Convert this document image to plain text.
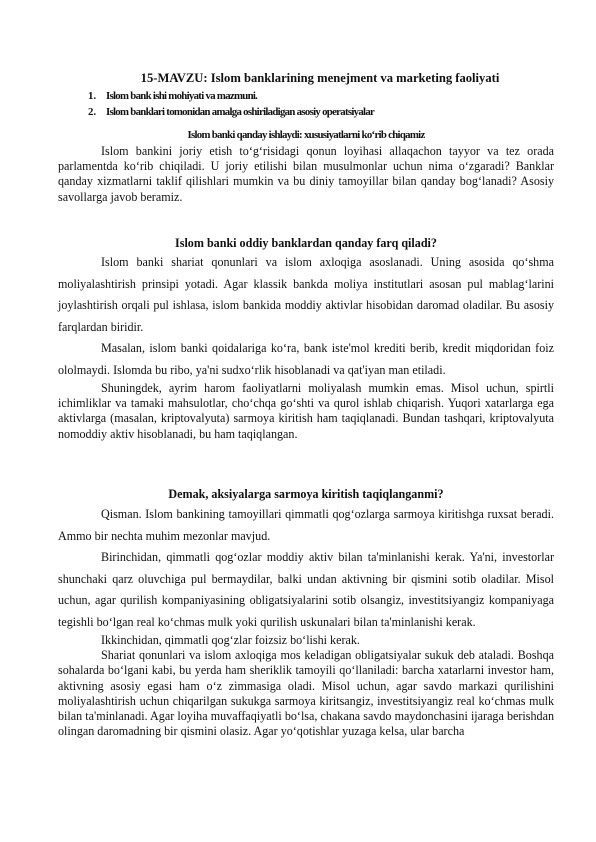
15-MAVZU: Islom banklarining menejment va marketing faoliyati
1. Islom bank ishi mohiyati va mazmuni.
2. Islom banklari tomonidan amalga oshiriladigan asosiy operatsiyalar
Islom banki qanday ishlaydi: xususiyatlarni ko‘rib chiqamiz

Islom bankini joriy etish to‘g‘risidagi qonun loyihasi allaqachon tayyor va tez orada parlamentda ko‘rib chiqiladi. U joriy etilishi bilan musulmonlar uchun nima o‘zgaradi? Banklar qanday xizmatlarni taklif qilishlari mumkin va bu diniy tamoyillar bilan qanday bog‘lanadi? Asosiy savollarga javob beramiz.

Islom banki oddiy banklardan qanday farq qiladi?

Islom banki shariat qonunlari va islom axloqiga asoslanadi. Uning asosida qo‘shma moliyalashtirish prinsipi yotadi. Agar klassik bankda moliya institutlari asosan pul mablag‘larini joylashtirish orqali pul ishlasa, islom bankida moddiy aktivlar hisobidan daromad oladilar. Bu asosiy farqlardan biridir.

Masalan, islom banki qoidalariga ko‘ra, bank iste'mol krediti berib, kredit miqdoridan foiz ololmaydi. Islomda bu ribo, ya'ni sudxo‘rlik hisoblanadi va qat'iyan man etiladi.

Shuningdek, ayrim harom faoliyatlarni moliyalash mumkin emas. Misol uchun, spirtli ichimliklar va tamaki mahsulotlar, cho‘chqa go‘shti va qurol ishlab chiqarish. Yuqori xatarlarga ega aktivlarga (masalan, kriptovalyuta) sarmoya kiritish ham taqiqlanadi. Bundan tashqari, kriptovalyuta nomoddiy aktiv hisoblanadi, bu ham taqiqlangan.

Demak, aksiyalarga sarmoya kiritish taqiqlanganmi?

Qisman. Islom bankining tamoyillari qimmatli qog‘ozlarga sarmoya kiritishga ruxsat beradi. Ammo bir nechta muhim mezonlar mavjud.

Birinchidan, qimmatli qog‘ozlar moddiy aktiv bilan ta'minlanishi kerak. Ya'ni, investorlar shunchaki qarz oluvchiga pul bermaydilar, balki undan aktivning bir qismini sotib oladilar. Misol uchun, agar qurilish kompaniyasining obligatsiyalarini sotib olsangiz, investitsiyangiz kompaniyaga tegishli bo‘lgan real ko‘chmas mulk yoki qurilish uskunalari bilan ta'minlanishi kerak.

Ikkinchidan, qimmatli qog‘zlar foizsiz bo‘lishi kerak.

Shariat qonunlari va islom axloqiga mos keladigan obligatsiyalar sukuk deb ataladi. Boshqa sohalarda bo‘lgani kabi, bu yerda ham sheriklik tamoyili qo‘llaniladi: barcha xatarlarni investor ham, aktivning asosiy egasi ham o‘z zimmasiga oladi. Misol uchun, agar savdo markazi qurilishini moliyalashtirish uchun chiqarilgan sukukga sarmoya kiritsangiz, investitsiyangiz real ko‘chmas mulk bilan ta'minlanadi. Agar loyiha muvaffaqiyatli bo‘lsa, chakana savdo maydonchasini ijaraga berishdan olingan daromadning bir qismini olasiz. Agar yo‘qotishlar yuzaga kelsa, ular barcha
